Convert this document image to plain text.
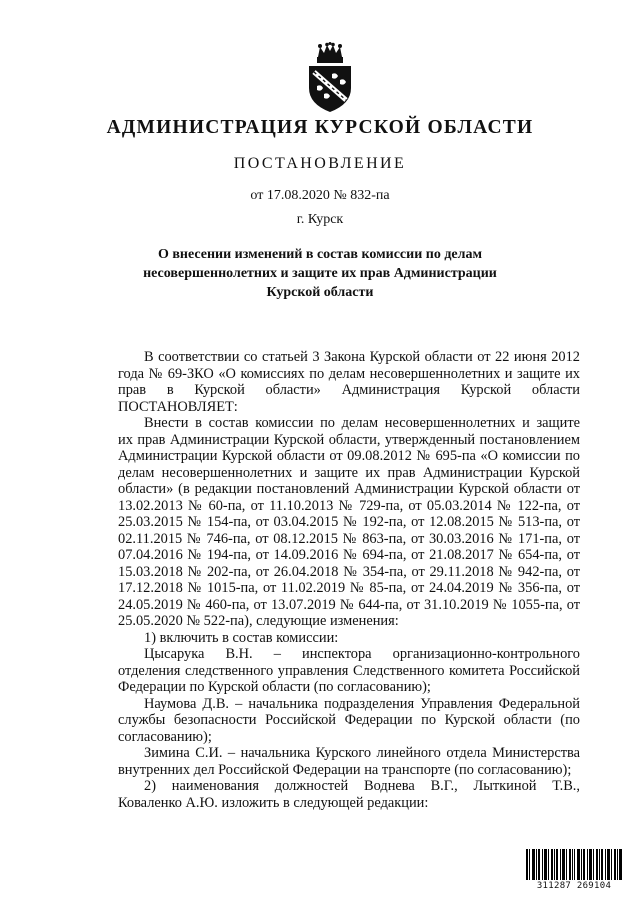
АДМИНИСТРАЦИЯ КУРСКОЙ ОБЛАСТИ
ПОСТАНОВЛЕНИЕ
от 17.08.2020 № 832-па
г. Курск
О внесении изменений в состав комиссии по делам
несовершеннолетних и защите их прав Администрации
Курской области

В соответствии со статьей 3 Закона Курской области от 22 июня 2012
года № 69-ЗКО «О комиссиях по делам несовершеннолетних и защите их
прав в Курской области» Администрация Курской области
ПОСТАНОВЛЯЕТ:

Внести в состав комиссии по делам несовершеннолетних и защите
их прав Администрации Курской области, утвержденный постановлением
Администрации Курской области от 09.08.2012 № 695-па «О комиссии по
делам несовершеннолетних и защите их прав Администрации Курской
области» (в редакции постановлений Администрации Курской области от
13.02.2013 № 60-па, от 11.10.2013 № 729-па, от 05.03.2014 № 122-па, от
25.03.2015 № 154-па, от 03.04.2015 № 192-па, от 12.08.2015 № 513-па, от
02.11.2015 № 746-па, от 08.12.2015 № 863-па, от 30.03.2016 № 171-па, от
07.04.2016 № 194-па, от 14.09.2016 № 694-па, от 21.08.2017 № 654-па, от
15.03.2018 № 202-па, от 26.04.2018 № 354-па, от 29.11.2018 № 942-па, от
17.12.2018 № 1015-па, от 11.02.2019 № 85-па, от 24.04.2019 № 356-па, от
24.05.2019 № 460-па, от 13.07.2019 № 644-па, от 31.10.2019 № 1055-па, от
25.05.2020 № 522-па), следующие изменения:

1) включить в состав комиссии:

Цысарука В.Н. – инспектора организационно-контрольного
отделения следственного управления Следственного комитета Российской
Федерации по Курской области (по согласованию);

Наумова Д.В. – начальника подразделения Управления Федеральной
службы безопасности Российской Федерации по Курской области (по
согласованию);

Зимина С.И. – начальника Курского линейного отдела Министерства
внутренних дел Российской Федерации на транспорте (по согласованию);

2) наименования должностей Воднева В.Г., Лыткиной Т.В.,
Коваленко А.Ю. изложить в следующей редакции:

311287 269104
